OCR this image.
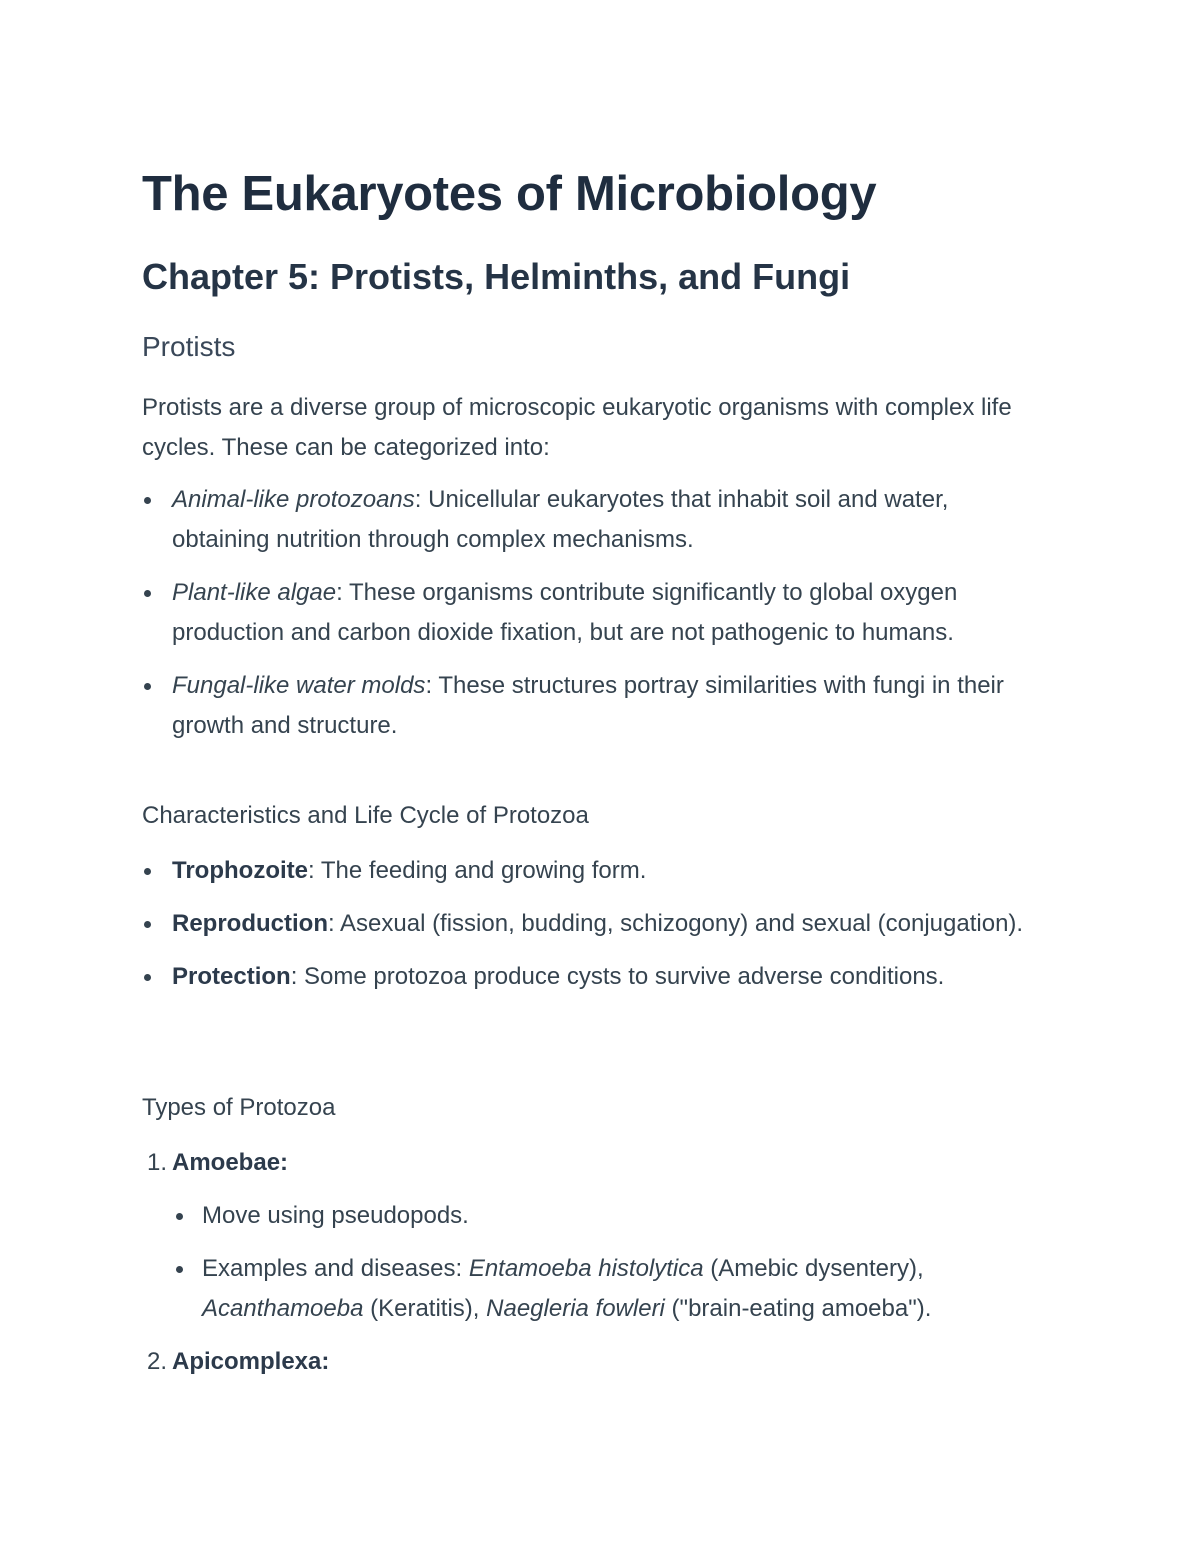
The Eukaryotes of Microbiology
Chapter 5: Protists, Helminths, and Fungi
Protists
Protists are a diverse group of microscopic eukaryotic organisms with complex life cycles. These can be categorized into:
Animal-like protozoans: Unicellular eukaryotes that inhabit soil and water, obtaining nutrition through complex mechanisms.
Plant-like algae: These organisms contribute significantly to global oxygen production and carbon dioxide fixation, but are not pathogenic to humans.
Fungal-like water molds: These structures portray similarities with fungi in their growth and structure.
Characteristics and Life Cycle of Protozoa
Trophozoite: The feeding and growing form.
Reproduction: Asexual (fission, budding, schizogony) and sexual (conjugation).
Protection: Some protozoa produce cysts to survive adverse conditions.
Types of Protozoa
1. Amoebae:
Move using pseudopods.
Examples and diseases: Entamoeba histolytica (Amebic dysentery), Acanthamoeba (Keratitis), Naegleria fowleri ("brain-eating amoeba").
2. Apicomplexa:
